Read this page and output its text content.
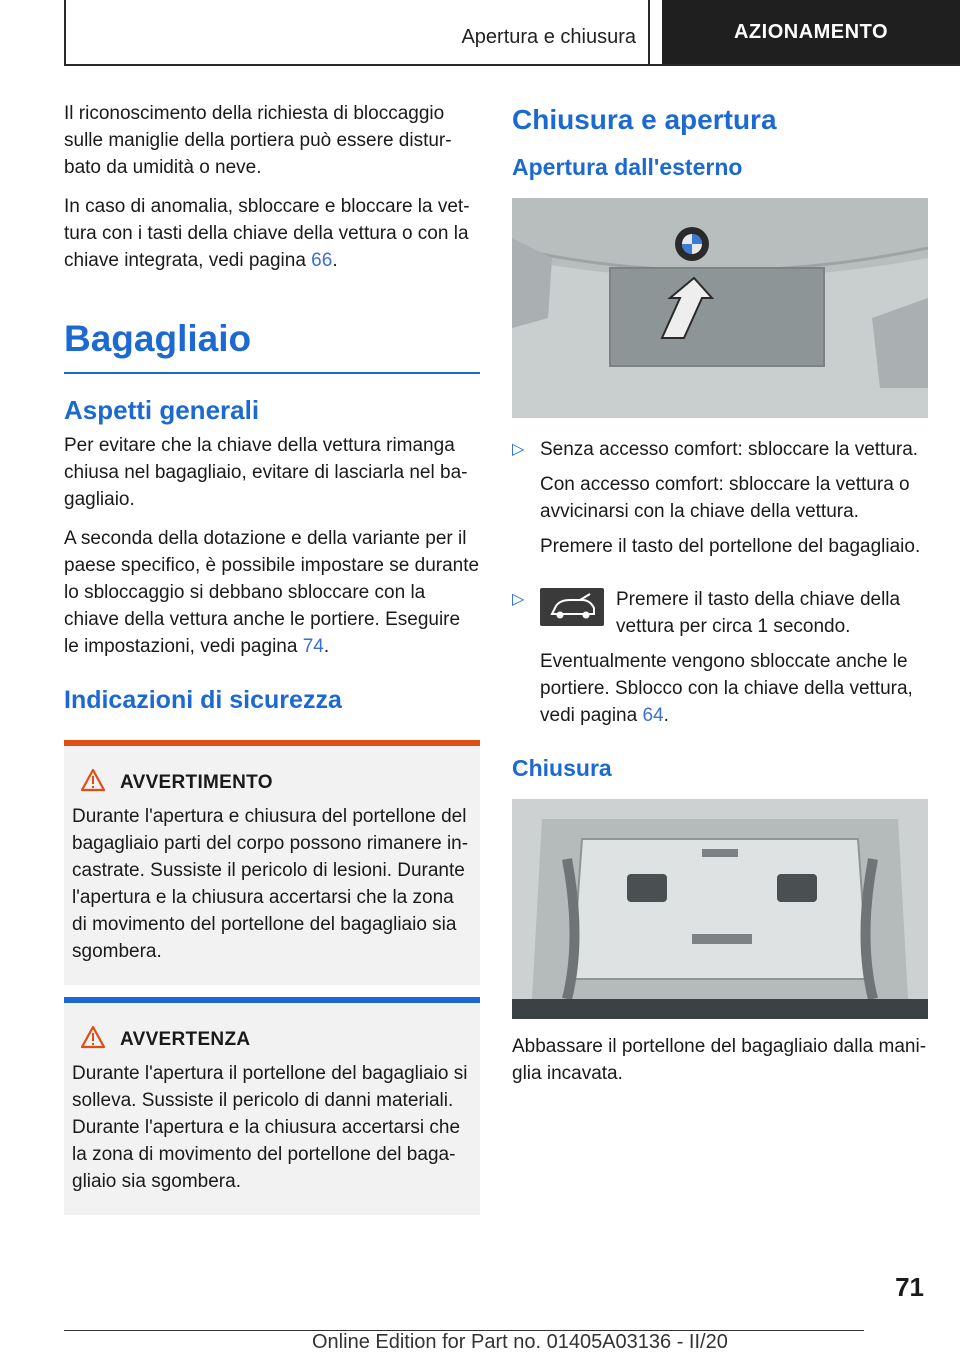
Apertura e chiusura	AZIONAMENTO

Il riconoscimento della richiesta di bloccaggio sulle maniglie della portiera può essere distur-bato da umidità o neve.

In caso di anomalia, sbloccare e bloccare la vet-tura con i tasti della chiave della vettura o con la chiave integrata, vedi pagina 66.

Bagagliaio
Aspetti generali

Per evitare che la chiave della vettura rimanga chiusa nel bagagliaio, evitare di lasciarla nel ba-gagliaio.

A seconda della dotazione e della variante per il paese specifico, è possibile impostare se durante lo sbloccaggio si debbano sbloccare con la chiave della vettura anche le portiere. Eseguire le impostazioni, vedi pagina 74.

Indicazioni di sicurezza
AVVERTIMENTO

Durante l'apertura e chiusura del portellone del bagagliaio parti del corpo possono rimanere in-castrate. Sussiste il pericolo di lesioni. Durante l'apertura e la chiusura accertarsi che la zona di movimento del portellone del bagagliaio sia sgombera.

AVVERTENZA

Durante l'apertura il portellone del bagagliaio si solleva. Sussiste il pericolo di danni materiali. Durante l'apertura e la chiusura accertarsi che la zona di movimento del portellone del baga-gliaio sia sgombera.

Chiusura e apertura
Apertura dall'esterno
▷ Senza accesso comfort: sbloccare la vettura.

Con accesso comfort: sbloccare la vettura o avvicinarsi con la chiave della vettura.

Premere il tasto del portellone del bagagliaio.

▷	Premere il tasto della chiave della vettura per circa 1 secondo.

Eventualmente vengono sbloccate anche le portiere. Sblocco con la chiave della vettura, vedi pagina 64.

Chiusura

Abbassare il portellone del bagagliaio dalla mani-glia incavata.

71
Online Edition for Part no. 01405A03136 - II/20
